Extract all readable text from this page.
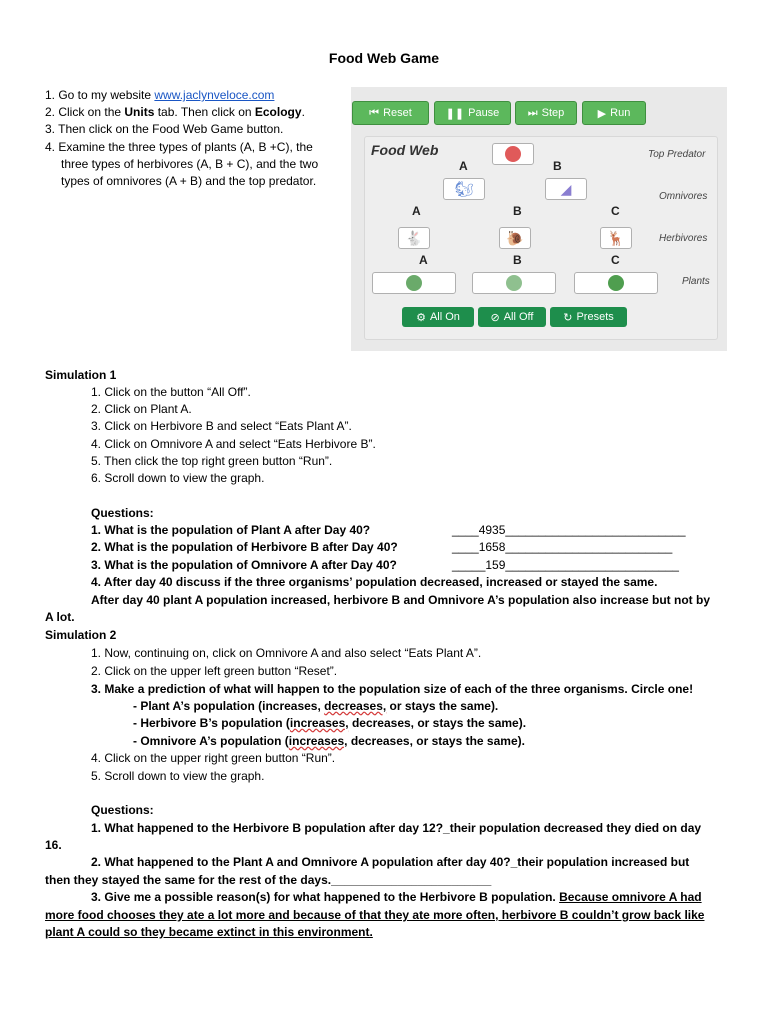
Food Web Game
1. Go to my website www.jaclynveloce.com
2. Click on the Units tab. Then click on Ecology.
3. Then click on the Food Web Game button.
4. Examine the three types of plants (A, B +C), the
three types of herbivores (A, B + C), and the two
types of omnivores (A + B) and the top predator.
⏮ Reset	❚❚ Pause	⏭ Step	▶ Run
Food Web	Top Predator
Omnivores
Herbivores
Plants
A	B
🐿	◢
A	B	C
🐇	🐌	🦌
A	B	C
⚙ All On	⊘ All Off	↻ Presets
Simulation 1
1. Click on the button “All Off”.
2. Click on Plant A.
3. Click on Herbivore B and select “Eats Plant A”.
4. Click on Omnivore A and select “Eats Herbivore B”.
5. Then click the top right green button “Run”.
6. Scroll down to view the graph.
Questions:
1. What is the population of Plant A after Day 40?	____4935___________________________
2. What is the population of Herbivore B after Day 40?	____1658_________________________
3. What is the population of Omnivore A after Day 40?	_____159__________________________
4. After day 40 discuss if the three organisms’ population decreased, increased or stayed the same.
After day 40 plant A population increased, herbivore B and Omnivore A’s population also increase but not by
A lot.
Simulation 2
1. Now, continuing on, click on Omnivore A and also select “Eats Plant A”.
2. Click on the upper left green button “Reset”.
3. Make a prediction of what will happen to the population size of each of the three organisms. Circle one!
- Plant A’s population (increases, decreases, or stays the same).
- Herbivore B’s population (increases, decreases, or stays the same).
- Omnivore A’s population (increases, decreases, or stays the same).
4. Click on the upper right green button “Run”.
5. Scroll down to view the graph.
Questions:
1. What happened to the Herbivore B population after day 12?_their population decreased they died on day
16.
2. What happened to the Plant A and Omnivore A population after day 40?_their population increased but
then they stayed the same for the rest of the days.________________________
3. Give me a possible reason(s) for what happened to the Herbivore B population. Because omnivore A had
more food chooses they ate a lot more and because of that they ate more often, herbivore B couldn’t grow back like
plant A could so they became extinct in this environment.
